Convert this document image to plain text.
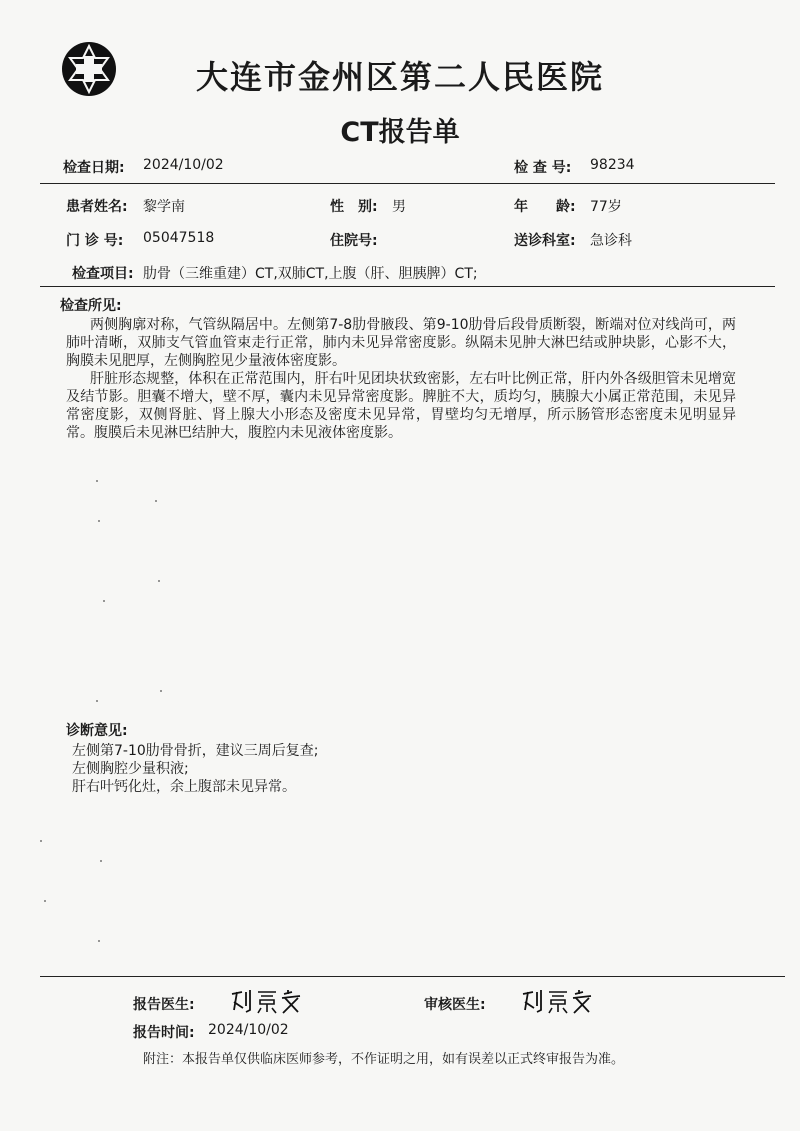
大连市金州区第二人民医院
CT报告单
检查日期: 2024/10/02	检 查 号: 98234
患者姓名: 黎学南	性　别: 男	年　　龄: 77岁
门 诊 号: 05047518	住院号:	送诊科室: 急诊科
检查项目: 肋骨（三维重建）CT,双肺CT,上腹（肝、胆胰脾）CT;
检查所见:

两侧胸廓对称，气管纵隔居中。左侧第7-8肋骨腋段、第9-10肋骨后段骨质断裂，断端对位对线尚可，两肺叶清晰，双肺支气管血管束走行正常，肺内未见异常密度影。纵隔未见肿大淋巴结或肿块影，心影不大，胸膜未见肥厚，左侧胸腔见少量液体密度影。

肝脏形态规整，体积在正常范围内，肝右叶见团块状致密影，左右叶比例正常，肝内外各级胆管未见增宽及结节影。胆囊不增大，壁不厚，囊内未见异常密度影。脾脏不大，质均匀，胰腺大小属正常范围，未见异常密度影，双侧肾脏、肾上腺大小形态及密度未见异常，胃壁均匀无增厚，所示肠管形态密度未见明显异常。腹膜后未见淋巴结肿大，腹腔内未见液体密度影。

诊断意见:
左侧第7-10肋骨骨折，建议三周后复查;
左侧胸腔少量积液;
肝右叶钙化灶，余上腹部未见异常。
报告医生:	审核医生:
报告时间: 2024/10/02
附注：本报告单仅供临床医师参考，不作证明之用，如有误差以正式终审报告为准。
